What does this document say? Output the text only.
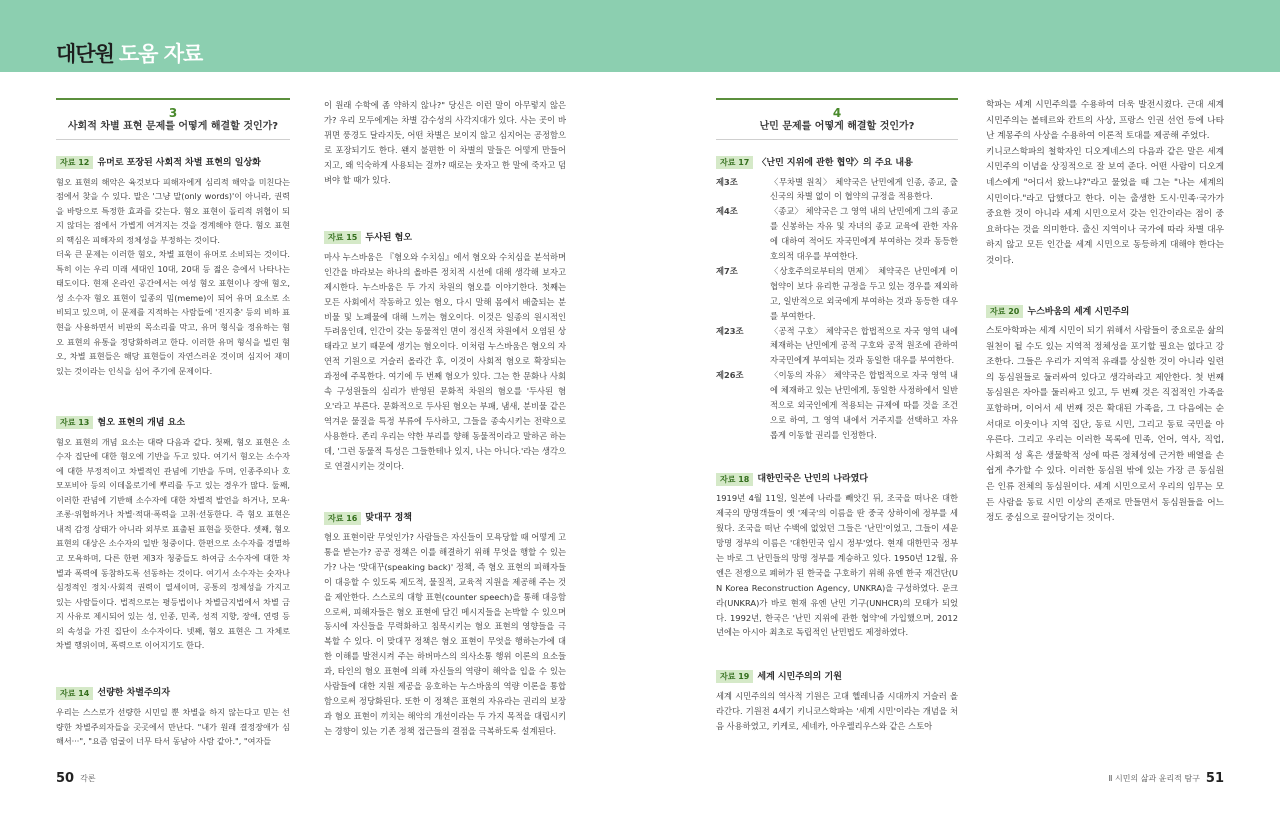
대단원 도움 자료
3
사회적 차별 표현 문제를 어떻게 해결할 것인가?
자료 12 유머로 포장된 사회적 차별 표현의 일상화

혐오 표현의 해악은 육것보다 피해자에게 심리적 해악을 미친다는 점에서 찾을 수 있다. 말은 '그냥 말(only words)'이 아니라, 권력을 바탕으로 특정한 효과를 갖는다. 혐오 표현이 돌리적 위협이 되지 않더는 점에서 가볍게 여겨지는 것을 경계해야 한다. 혐오 표현의 핵심은 피해자의 정체성을 부정하는 것이다.

더욱 큰 문제는 이러한 혐오, 차별 표현이 유머로 소비되는 것이다. 특히 이는 우리 미래 세대인 10대, 20대 등 젊은 층에서 나타나는 태도이다. 현재 온라인 공간에서는 여성 혐오 표현이나 장애 혐오, 성 소수자 혐오 표현이 일종의 밈(meme)이 되어 유머 요소로 소비되고 있으며, 이 문제를 지적하는 사람들에 '진지충' 등의 비하 표현을 사용하면서 비판의 목소리를 막고, 유머 형식을 정유하는 혐오 표현의 유통을 정당화하려고 한다. 이러한 유머 형식을 빌린 혐오, 차별 표현들은 해당 표현들이 자연스러운 것이며 심지어 재미있는 것이라는 인식을 심어 주기에 문제이다.

자료 13 혐오 표현의 개념 요소

혐오 표현의 개념 요소는 대략 다음과 같다. 첫째, 혐오 표현은 소수자 집단에 대한 혐오에 기반을 두고 있다. 여기서 혐오는 소수자에 대한 부정적이고 차별적인 관념에 기반을 두며, 인종주의나 호모포비아 등의 이데올로기에 뿌리를 두고 있는 경우가 많다. 둘째, 이러한 관념에 기반해 소수자에 대한 차별적 발언을 하거나, 모욕·조롱·위협하거나 차별·적대·폭력을 고취·선동한다. 즉 혐오 표현은 내적 감정 상태가 아니라 외부로 표출된 표현을 뜻한다. 셋째, 혐오 표현의 대상은 소수자의 일반 청중이다. 한편으로 소수자를 경멸하고 모욕하며, 다른 한편 제3자 청중들도 하여금 소수자에 대한 차별과 폭력에 동참하도록 선동하는 것이다. 여기서 소수자는 숫자나 심정적인 정치·사회적 권력이 열세이며, 공통의 정체성을 가지고 있는 사람들이다. 법적으로는 평등법이나 차별금지법에서 차별 금지 사유로 제시되어 있는 성, 인종, 민족, 성적 지향, 장애, 연령 등의 속성을 가진 집단이 소수자이다. 넷째, 혐오 표현은 그 자체로 차별 행위이며, 폭력으로 이어지기도 한다.

자료 14 선량한 차별주의자

우리는 스스로가 선량한 시민일 뿐 차별을 하지 않는다고 믿는 선량한 차별주의자들을 곳곳에서 만난다. "내가 원래 결정장애가 심해서···", "요즘 엄굴이 너무 타서 동남아 사람 같아.", "여자들

이 원래 수학에 좀 약하지 않나?" 당신은 이런 말이 아무렇지 않은가? 우리 모두에게는 차별 감수성의 사각지대가 있다. 사는 곳이 바뀌면 풍경도 달라지듯, 어떤 차별은 보이지 않고 심지어는 공정함으로 포장되기도 한다. 왠지 불편한 이 차별의 말들은 어떻게 만들어지고, 왜 익숙하게 사용되는 걸까? 때로는 웃자고 한 말에 죽자고 덤벼야 할 때가 있다.

자료 15 두사된 혐오

마사 누스바움은 『혐오와 수치심』에서 혐오와 수치심을 분석하며 인간을 바라보는 하나의 올바른 정치적 시선에 대해 생각해 보자고 제시한다. 누스바움은 두 가지 차원의 혐오를 이야기한다. 첫째는 모든 사회에서 작동하고 있는 혐오, 다시 말해 몸에서 배출되는 분비물 및 노폐물에 대해 느끼는 혐오이다. 이것은 일종의 원시적인 두려움인데, 인간이 갖는 동물적인 면이 정신적 차원에서 오염된 상태라고 보기 때문에 생기는 혐오이다. 이처럼 누스바움은 혐오의 자연적 기원으로 거슬러 올라간 후, 이것이 사회적 혐오로 확장되는 과정에 주목한다. 여기에 두 번째 혐오가 있다. 그는 한 문화나 사회 속 구성원들의 심리가 반영된 문화적 차원의 혐오를 '두사된 혐오'라고 부른다. 문화적으로 두사된 혐오는 부패, 냄새, 분비물 같은 역겨운 물질을 특정 부류에 두사하고, 그들을 종속시키는 전략으로 사용한다. 존리 우리는 약한 부리를 향해 동물적이라고 말하곤 하는데, '그런 동물적 특성은 그들한테나 있지, 나는 아니다.'라는 생각으로 연결시키는 것이다.

자료 16 맞대꾸 정책

혐오 표현이란 무엇인가? 사람들은 자신들이 모욕당할 때 어떻게 고통을 받는가? 공공 정책은 이를 해결하기 위해 무엇을 행할 수 있는가? 나는 '맞대꾸(speaking back)' 정책, 즉 혐오 표현의 피해자들이 대응할 수 있도록 제도적, 물질적, 교육적 지원을 제공해 주는 것을 제안한다. 스스로의 대항 표현(counter speech)을 통해 대응함으로써, 피해자들은 혐오 표현에 담긴 메시지들을 논박할 수 있으며 동시에 자신들을 무력화하고 침묵시키는 혐오 표현의 영향들을 극복할 수 있다. 이 맞대꾸 정책은 혐오 표현이 무엇을 행하는가에 대한 이해를 발전시켜 주는 하버마스의 의사소통 행위 이론의 요소들과, 타인의 혐오 표현에 의해 자신들의 역량이 해악을 입을 수 있는 사람들에 대한 지원 제공을 옹호하는 누스바움의 역량 이론을 통합함으로써 정당화된다. 또한 이 정책은 표현의 자유라는 권리의 보장과 혐오 표현이 끼치는 해악의 개선이라는 두 가지 목적을 대립시키는 경향이 있는 기존 정책 접근들의 결점을 극복하도록 설계된다.

4
난민 문제를 어떻게 해결할 것인가?
자료 17 〈난민 지위에 관한 협약〉의 주요 내용
제3조	〈무차별 원칙〉 체약국은 난민에게 인종, 종교, 출신국의 차별 없이 이 협약의 규정을 적용한다.
제4조	〈종교〉 체약국은 그 영역 내의 난민에게 그의 종교를 신봉하는 자유 및 자녀의 종교 교육에 관한 자유에 대하여 적어도 자국민에게 부여하는 것과 동등한 호의적 대우를 부여한다.
제7조	〈상호주의로부터의 면제〉 체약국은 난민에게 이 협약이 보다 유리한 규정을 두고 있는 경우를 제외하고, 일반적으로 외국에게 부여하는 것과 동등한 대우를 부여한다.
제23조	〈공적 구호〉 체약국은 합법적으로 자국 영역 내에 체재하는 난민에게 공적 구호와 공적 원조에 관하여 자국민에게 부여되는 것과 동일한 대우를 부여한다.
제26조	〈이동의 자유〉 체약국은 합법적으로 자국 영역 내에 체재하고 있는 난민에게, 동일한 사정하에서 일반적으로 외국인에게 적용되는 규제에 따를 것을 조건으로 하여, 그 영역 내에서 거주지를 선택하고 자유롭게 이동할 권리를 인정한다.
자료 18 대한민국은 난민의 나라였다

1919년 4월 11일, 일본에 나라를 빼앗긴 뒤, 조국을 떠나온 대한제국의 망명객들이 옛 '제국'의 이름을 딴 중국 상하이에 정부를 세웠다. 조국을 떠난 수백에 없었던 그들은 '난민'이었고, 그들이 세운 망명 정부의 이름은 '대한민국 임시 정부'였다. 현재 대한민국 정부는 바로 그 난민들의 망명 정부를 계승하고 있다. 1950년 12월, 유엔은 전쟁으로 폐허가 된 한국을 구호하기 위해 유엔 한국 재건단(UN Korea Reconstruction Agency, UNKRA)을 구성하였다. 운크라(UNKRA)가 바로 현재 유엔 난민 기구(UNHCR)의 모태가 되었다. 1992년, 한국은 '난민 지위에 관한 협약'에 가입했으며, 2012년에는 아시아 최초로 독립적인 난민법도 제정하였다.

자료 19 세계 시민주의의 기원

세계 시민주의의 역사적 기원은 고대 헬레니즘 시대까지 거슬러 올라간다. 기원전 4세기 키니코스학파는 '세계 시민'이라는 개념을 처음 사용하였고, 키케로, 세네카, 아우렐리우스와 같은 스토아

학파는 세계 시민주의를 수용하여 더욱 발전시켰다. 근대 세계 시민주의는 볼테르와 칸트의 사상, 프랑스 인권 선언 등에 나타난 계몽주의 사상을 수용하여 이론적 토대를 제공해 주었다.

키니코스학파의 철학자인 디오게네스의 다음과 같은 말은 세계 시민주의 이념을 상징적으로 잘 보여 준다. 어떤 사람이 디오게네스에게 "어디서 왔느냐?"라고 물었을 때 그는 "나는 세계의 시민이다."라고 답했다고 한다. 이는 출생한 도시·민족·국가가 중요한 것이 아니라 세계 시민으로서 갖는 인간이라는 점이 중요하다는 것을 의미한다. 출신 지역이나 국가에 따라 차별 대우하지 않고 모든 인간을 세계 시민으로 동등하게 대해야 한다는 것이다.

자료 20 누스바움의 세계 시민주의

스토아학파는 세계 시민이 되기 위해서 사람들이 중요로운 삶의 원천이 될 수도 있는 지역적 정체성을 포기할 필요는 없다고 강조한다. 그들은 우리가 지역적 유래를 상실한 것이 아니라 일련의 동심원들로 둘러싸여 있다고 생각하라고 제안한다. 첫 번째 동심원은 자아를 둘러싸고 있고, 두 번째 것은 직접적인 가족을 포함하며, 이어서 세 번째 것은 확대된 가족을, 그 다음에는 순서대로 이웃이나 지역 집단, 동료 시민, 그리고 동료 국민을 아우른다. 그리고 우리는 이러한 목록에 민족, 언어, 역사, 직업, 사회적 성 혹은 생물학적 성에 따른 정체성에 근거한 배열을 손쉽게 추가할 수 있다. 이러한 동심원 밖에 있는 가장 큰 동심원은 인류 전체의 동심원이다. 세계 시민으로서 우리의 임무는 모든 사람을 동료 시민 이상의 존재로 만들면서 동심원들을 어느 정도 중심으로 끌어당기는 것이다.

50 각론	Ⅱ 시민의 삶과 윤리적 탐구 51
